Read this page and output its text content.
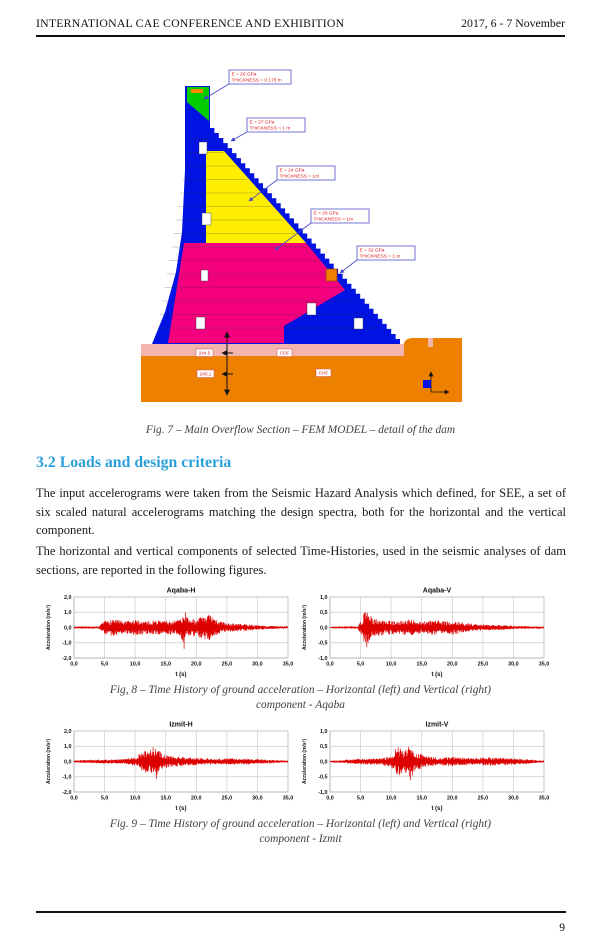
INTERNATIONAL CAE CONFERENCE AND EXHIBITION	2017, 6 - 7 November
244.5	COF
240.1	CHF
E = 20 GPa
THICKNESS = 0.175 m
E = 27 GPa
THICKNESS = 1 m
E = 24 GPa
THICKNESS = 1m
E = 29 GPa
THICKNESS = 1m
E = 32 GPa
THICKNESS = 1 m
Fig. 7 – Main Overflow Section – FEM MODEL – detail of the dam
3.2 Loads and design criteria
The input accelerograms were taken from the Seismic Hazard Analysis which defined, for SEE, a set of six scaled natural accelerograms matching the design spectra, both for the horizontal and the vertical component.
The horizontal and vertical components of selected Time-Histories, used in the seismic analyses of dam sections, are reported in the following figures.
0,0	5,0	10,0	15,0	20,0	25,0	30,0	35,0
-2,0
-1,0
0,0
1,0
2,0
Aqaba-H
t (s)
Acceleration (m/s²)
0,0	5,0	10,0	15,0	20,0	25,0	30,0	35,0
-1,0
-0,5
0,0
0,5
1,0
Aqaba-V
t (s)
Acceleration (m/s²)
Fig, 8 – Time History of ground acceleration – Horizontal (left) and Vertical (right)
component - Aqaba
0,0	5,0	10,0	15,0	20,0	25,0	30,0	35,0
-2,0
-1,0
0,0
1,0
2,0
Izmit-H
t (s)
Acceleration (m/s²)
0,0	5,0	10,0	15,0	20,0	25,0	30,0	35,0
-1,0
-0,5
0,0
0,5
1,0
Izmit-V
t (s)
Acceleration (m/s²)
Fig. 9 – Time History of ground acceleration – Horizontal (left) and Vertical (right)
component - Izmit
9
